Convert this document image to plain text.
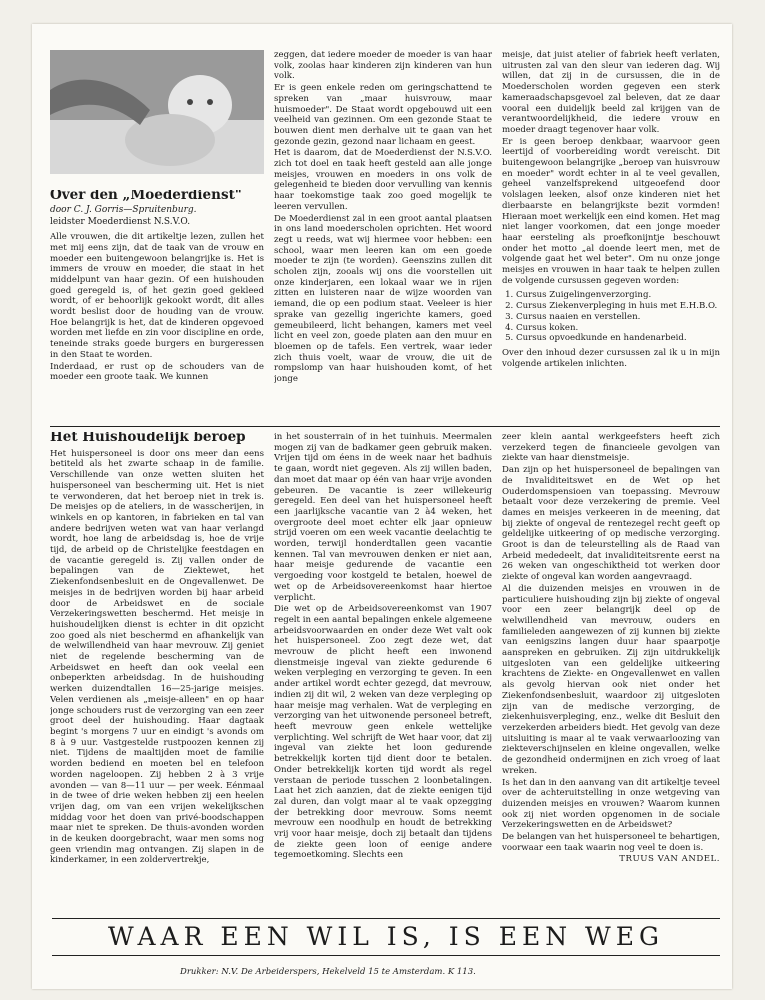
Over den „Moederdienst"
door C. J. Gorris—Spruitenburg.
leidster Moederdienst N.S.V.O.

Alle vrouwen, die dit artikeltje lezen, zullen het met mij eens zijn, dat de taak van de vrouw en moeder een buitengewoon belangrijke is. Het is immers de vrouw en moeder, die staat in het middelpunt van haar gezin. Of een huishouden goed geregeld is, of het gezin goed gekleed wordt, of er behoorlijk gekookt wordt, dit alles wordt beslist door de houding van de vrouw. Hoe belangrijk is het, dat de kinderen opgevoed worden met liefde en zin voor discipline en orde, teneinde straks goede burgers en burgeressen in den Staat te worden.

Inderdaad, er rust op de schouders van de moeder een groote taak. We kunnen

zeggen, dat iedere moeder de moeder is van haar volk, zoolas haar kinderen zijn kinderen van hun volk.

Er is geen enkele reden om geringschattend te spreken van „maar huisvrouw, maar huismoeder". De Staat wordt opgebouwd uit een veelheid van gezinnen. Om een gezonde Staat te bouwen dient men derhalve uit te gaan van het gezonde gezin, gezond naar lichaam en geest.

Het is daarom, dat de Moederdienst der N.S.V.O. zich tot doel en taak heeft gesteld aan alle jonge meisjes, vrouwen en moeders in ons volk de gelegenheid te bieden door vervulling van kennis haar toekomstige taak zoo goed mogelijk te leeren vervullen.

De Moederdienst zal in een groot aantal plaatsen in ons land moederscholen oprichten. Het woord zegt u reeds, wat wij hiermee voor hebben: een school, waar men leeren kan om een goede moeder te zijn (te worden). Geenszins zullen dit scholen zijn, zooals wij ons die voorstellen uit onze kinderjaren, een lokaal waar we in rijen zitten en luisteren naar de wijze woorden van iemand, die op een podium staat. Veeleer is hier sprake van gezellig ingerichte kamers, goed gemeubileerd, licht behangen, kamers met veel licht en veel zon, goede platen aan den muur en bloemen op de tafels. Een vertrek, waar ieder zich thuis voelt, waar de vrouw, die uit de rompslomp van haar huishouden komt, of het jonge

meisje, dat juist atelier of fabriek heeft verlaten, uitrusten zal van den sleur van iederen dag. Wij willen, dat zij in de cursussen, die in de Moederscholen worden gegeven een sterk kameraadschapsgevoel zal beleven, dat ze daar vooral een duidelijk beeld zal krijgen van de verantwoordelijkheid, die iedere vrouw en moeder draagt tegenover haar volk.

Er is geen beroep denkbaar, waarvoor geen leertijd of voorbereiding wordt vereischt. Dit buitengewoon belangrijke „beroep van huisvrouw en moeder" wordt echter in al te veel gevallen, geheel vanzelfsprekend uitgeoefend door volslagen leeken, alsof onze kinderen niet het dierbaarste en belangrijkste bezit vormden! Hieraan moet werkelijk een eind komen. Het mag niet langer voorkomen, dat een jonge moeder haar eersteling als proefkonijntje beschouwt onder het motto „al doende leert men, met de volgende gaat het wel beter". Om nu onze jonge meisjes en vrouwen in haar taak te helpen zullen de volgende cursussen gegeven worden:

1. Cursus Zuigelingenverzorging.
2. Cursus Ziekenverpleging in huis met E.H.B.O.
3. Cursus naaien en verstellen.
4. Cursus koken.
5. Cursus opvoedkunde en handenarbeid.

Over den inhoud dezer cursussen zal ik u in mijn volgende artikelen inlichten.

Het Huishoudelijk beroep

Het huispersoneel is door ons meer dan eens betiteld als het zwarte schaap in de familie. Verschillende van onze wetten sluiten het huispersoneel van bescherming uit. Het is niet te verwonderen, dat het beroep niet in trek is. De meisjes op de ateliers, in de wasscherijen, in winkels en op kantoren, in fabrieken en tal van andere bedrijven weten wat van haar verlangd wordt, hoe lang de arbeidsdag is, hoe de vrije tijd, de arbeid op de Christelijke feestdagen en de vacantie geregeld is. Zij vallen onder de bepalingen van de Ziektewet, het Ziekenfondsenbesluit en de Ongevallenwet. De meisjes in de bedrijven worden bij haar arbeid door de Arbeidswet en de sociale Verzekeringswetten beschermd. Het meisje in huishoudelijken dienst is echter in dit opzicht zoo goed als niet beschermd en afhankelijk van de welwillendheid van haar mevrouw. Zij geniet niet de regelende bescherming van de Arbeidswet en heeft dan ook veelal een onbeperkten arbeidsdag. In de huishouding werken duizendtallen 16—25-jarige meisjes. Velen verdienen als „meisje-alleen" en op haar jonge schouders rust de verzorging van een zeer groot deel der huishouding. Haar dagtaak begint 's morgens 7 uur en eindigt 's avonds om 8 à 9 uur. Vastgestelde rustpoozen kennen zij niet. Tijdens de maaltijden moet de familie worden bediend en moeten bel en telefoon worden nageloopen. Zij hebben 2 à 3 vrije avonden — van 8—11 uur — per week. Eénmaal in de twee of drie weken hebben zij een heelen vrijen dag, om van een vrijen wekelijkschen middag voor het doen van privé-boodschappen maar niet te spreken. De thuis-avonden worden in de keuken doorgebracht, waar men soms nog geen vriendin mag ontvangen. Zij slapen in de kinderkamer, in een zoldervertrekje,

in het sousterrain of in het tuinhuis. Meermalen mogen zij van de badkamer geen gebruik maken. Vrijen tijd om éens in de week naar het badhuis te gaan, wordt niet gegeven. Als zij willen baden, dan moet dat maar op één van haar vrije avonden gebeuren. De vacantie is zeer willekeurig geregeld. Een deel van het huispersoneel heeft een jaarlijksche vacantie van 2 à4 weken, het overgroote deel moet echter elk jaar opnieuw strijd voeren om een week vacantie deelachtig te worden, terwijl honderdtallen geen vacantie kennen. Tal van mevrouwen denken er niet aan, haar meisje gedurende de vacantie een vergoeding voor kostgeld te betalen, hoewel de wet op de Arbeidsovereenkomst haar hiertoe verplicht.

Die wet op de Arbeidsovereenkomst van 1907 regelt in een aantal bepalingen enkele algemeene arbeidsvoorwaarden en onder deze Wet valt ook het huispersoneel. Zoo zegt deze wet, dat mevrouw de plicht heeft een inwonend dienstmeisje ingeval van ziekte gedurende 6 weken verpleging en verzorging te geven. In een ander artikel wordt echter gezegd, dat mevrouw, indien zij dit wil, 2 weken van deze verpleging op haar meisje mag verhalen. Wat de verpleging en verzorging van het uitwonende personeel betreft, heeft mevrouw geen enkele wettelijke verplichting. Wel schrijft de Wet haar voor, dat zij ingeval van ziekte het loon gedurende betrekkelijk korten tijd dient door te betalen. Onder betrekkelijk korten tijd wordt als regel verstaan de periode tusschen 2 loonbetalingen. Laat het zich aanzien, dat de ziekte eenigen tijd zal duren, dan volgt maar al te vaak opzegging der betrekking door mevrouw. Soms neemt mevrouw een noodhulp en houdt de betrekking vrij voor haar meisje, doch zij betaalt dan tijdens de ziekte geen loon of eenige andere tegemoetkoming. Slechts een

zeer klein aantal werkgeefsters heeft zich verzekerd tegen de financieele gevolgen van ziekte van haar dienstmeisje.

Dan zijn op het huispersoneel de bepalingen van de Invaliditeitswet en de Wet op het Ouderdomspensioen van toepassing. Mevrouw betaalt voor deze verzekering de premie. Veel dames en meisjes verkeeren in de meening, dat bij ziekte of ongeval de rentezegel recht geeft op geldelijke uitkeering of op medische verzorging. Groot is dan de teleurstelling als de Raad van Arbeid mededeelt, dat invaliditeitsrente eerst na 26 weken van ongeschiktheid tot werken door ziekte of ongeval kan worden aangevraagd.

Al die duizenden meisjes en vrouwen in de particuliere huishouding zijn bij ziekte of ongeval voor een zeer belangrijk deel op de welwillendheid van mevrouw, ouders en familieleden aangewezen of zij kunnen bij ziekte van eenigszins langen duur haar spaarpotje aanspreken en gebruiken. Zij zijn uitdrukkelijk uitgesloten van een geldelijke uitkeering krachtens de Ziekte- en Ongevallenwet en vallen als gevolg hiervan ook niet onder het Ziekenfondsenbesluit, waardoor zij uitgesloten zijn van de medische verzorging, de ziekenhuisverpleging, enz., welke dit Besluit den verzekerden arbeiders biedt. Het gevolg van deze uitsluiting is maar al te vaak verwaarloozing van ziekteverschijnselen en kleine ongevallen, welke de gezondheid ondermijnen en zich vroeg of laat wreken.

Is het dan in den aanvang van dit artikeltje teveel over de achteruitstelling in onze wetgeving van duizenden meisjes en vrouwen? Waarom kunnen ook zij niet worden opgenomen in de sociale Verzekeringswetten en de Arbeidswet?

De belangen van het huispersoneel te behartigen, voorwaar een taak waarin nog veel te doen is.

TRUUS VAN ANDEL.
WAAR EEN WIL IS, IS EEN WEG
Drukker: N.V. De Arbeiderspers, Hekelveld 15 te Amsterdam. K 113.
